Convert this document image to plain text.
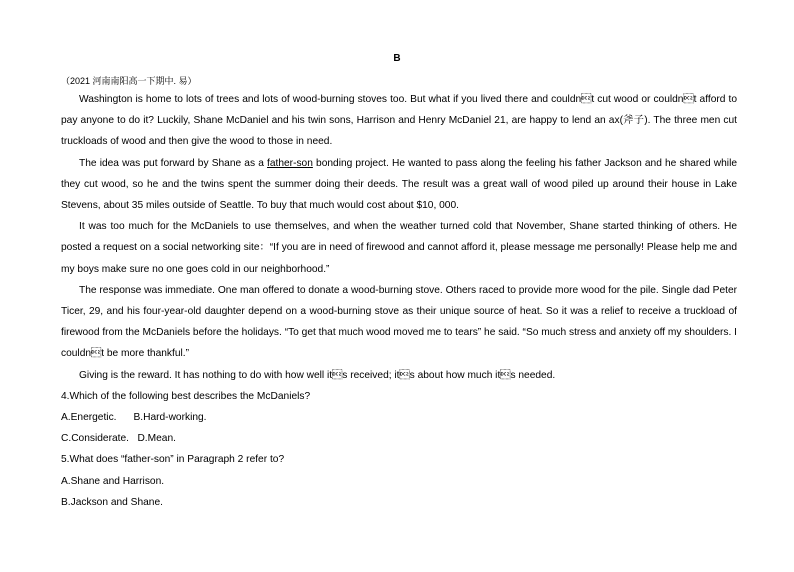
B
（2021 河南南阳高一下期中. 易）

Washington is home to lots of trees and lots of wood-burning stoves too. But what if you lived there and couldnt cut wood or couldnt afford to pay anyone to do it? Luckily, Shane McDaniel and his twin sons, Harrison and Henry McDaniel 21, are happy to lend an ax(斧子). The three men cut truckloads of wood and then give the wood to those in need.

The idea was put forward by Shane as a father-son bonding project. He wanted to pass along the feeling his father Jackson and he shared while they cut wood, so he and the twins spent the summer doing their deeds. The result was a great wall of wood piled up around their house in Lake Stevens, about 35 miles outside of Seattle. To buy that much would cost about $10, 000.

It was too much for the McDaniels to use themselves, and when the weather turned cold that November, Shane started thinking of others. He posted a request on a social networking site：“If you are in need of firewood and cannot afford it, please message me personally! Please help me and my boys make sure no one goes cold in our neighborhood.”

The response was immediate. One man offered to donate a wood-burning stove. Others raced to provide more wood for the pile. Single dad Peter Ticer, 29, and his four-year-old daughter depend on a wood-burning stove as their unique source of heat. So it was a relief to receive a truckload of firewood from the McDaniels before the holidays. “To get that much wood moved me to tears” he said. “So much stress and anxiety off my shoulders. I couldnt be more thankful.”

Giving is the reward. It has nothing to do with how well its received; its about how much its needed.

4.Which of the following best describes the McDaniels?

A.Energetic.      B.Hard-working.

C.Considerate.   D.Mean.

5.What does “father-son” in Paragraph 2 refer to?

A.Shane and Harrison.

B.Jackson and Shane.
